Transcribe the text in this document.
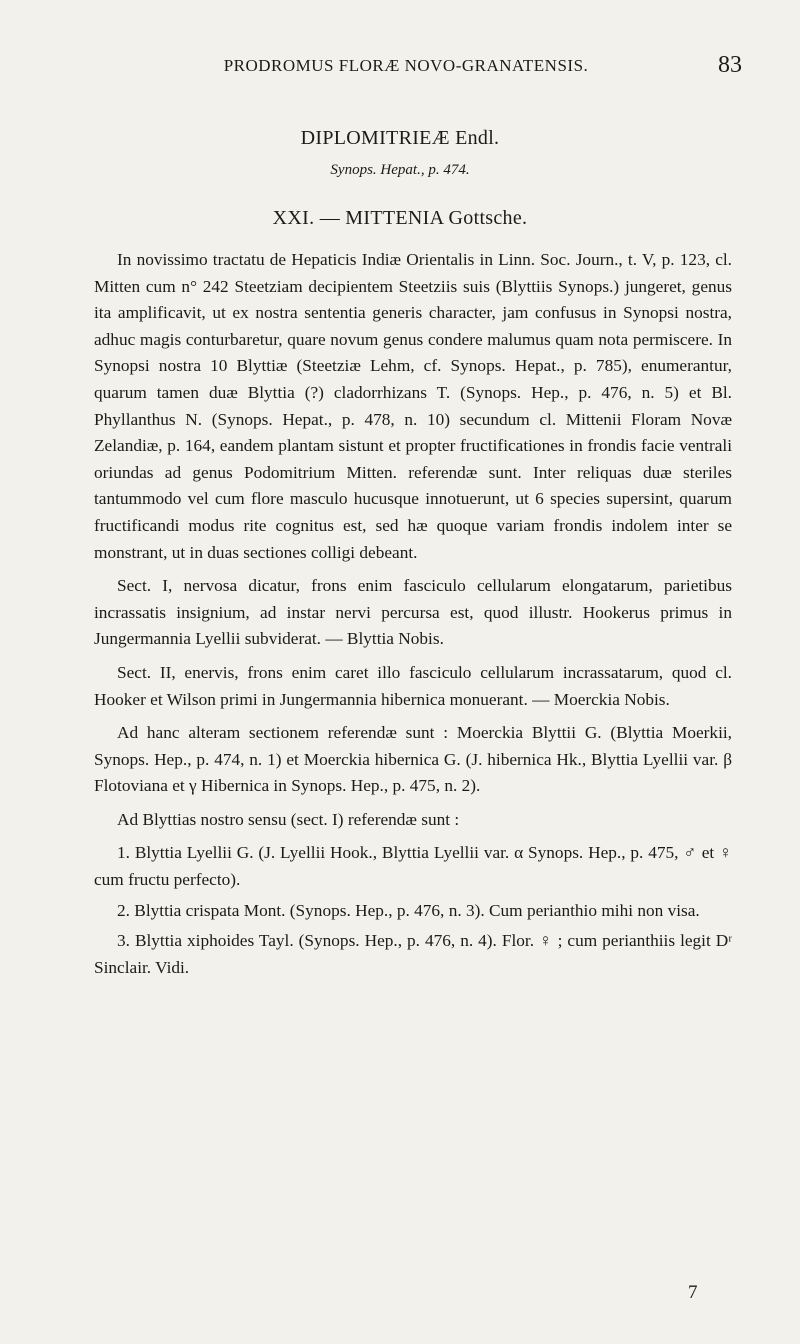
PRODROMUS FLORÆ NOVO-GRANATENSIS.	83
DIPLOMITRIEÆ Endl.
Synops. Hepat., p. 474.
XXI. — MITTENIA Gottsche.

In novissimo tractatu de Hepaticis Indiæ Orientalis in Linn. Soc. Journ., t. V, p. 123, cl. Mitten cum n° 242 Steetziam decipientem Steetziis suis (Blyttiis Synops.) jungeret, genus ita amplificavit, ut ex nostra sententia generis character, jam confusus in Synopsi nostra, adhuc magis conturbaretur, quare novum genus condere malumus quam nota permiscere. In Synopsi nostra 10 Blyttiæ (Steetziæ Lehm, cf. Synops. Hepat., p. 785), enumerantur, quarum tamen duæ Blyttia (?) cladorrhizans T. (Synops. Hep., p. 476, n. 5) et Bl. Phyllanthus N. (Synops. Hepat., p. 478, n. 10) secundum cl. Mittenii Floram Novæ Zelandiæ, p. 164, eandem plantam sistunt et propter fructificationes in frondis facie ventrali oriundas ad genus Podomitrium Mitten. referendæ sunt. Inter reliquas duæ steriles tantummodo vel cum flore masculo hucusque innotuerunt, ut 6 species supersint, quarum fructificandi modus rite cognitus est, sed hæ quoque variam frondis indolem inter se monstrant, ut in duas sectiones colligi debeant.

Sect. I, nervosa dicatur, frons enim fasciculo cellularum elongatarum, parietibus incrassatis insignium, ad instar nervi percursa est, quod illustr. Hookerus primus in Jungermannia Lyellii subviderat. — Blyttia Nobis.

Sect. II, enervis, frons enim caret illo fasciculo cellularum incrassatarum, quod cl. Hooker et Wilson primi in Jungermannia hibernica monuerant. — Moerckia Nobis.

Ad hanc alteram sectionem referendæ sunt : Moerckia Blyttii G. (Blyttia Moerkii, Synops. Hep., p. 474, n. 1) et Moerckia hibernica G. (J. hibernica Hk., Blyttia Lyellii var. β Flotoviana et γ Hibernica in Synops. Hep., p. 475, n. 2).

Ad Blyttias nostro sensu (sect. I) referendæ sunt :

1. Blyttia Lyellii G. (J. Lyellii Hook., Blyttia Lyellii var. α Synops. Hep., p. 475, ♂ et ♀ cum fructu perfecto).

2. Blyttia crispata Mont. (Synops. Hep., p. 476, n. 3). Cum perianthio mihi non visa.

3. Blyttia xiphoides Tayl. (Synops. Hep., p. 476, n. 4). Flor. ♀ ; cum perianthiis legit Dʳ Sinclair. Vidi.

7
